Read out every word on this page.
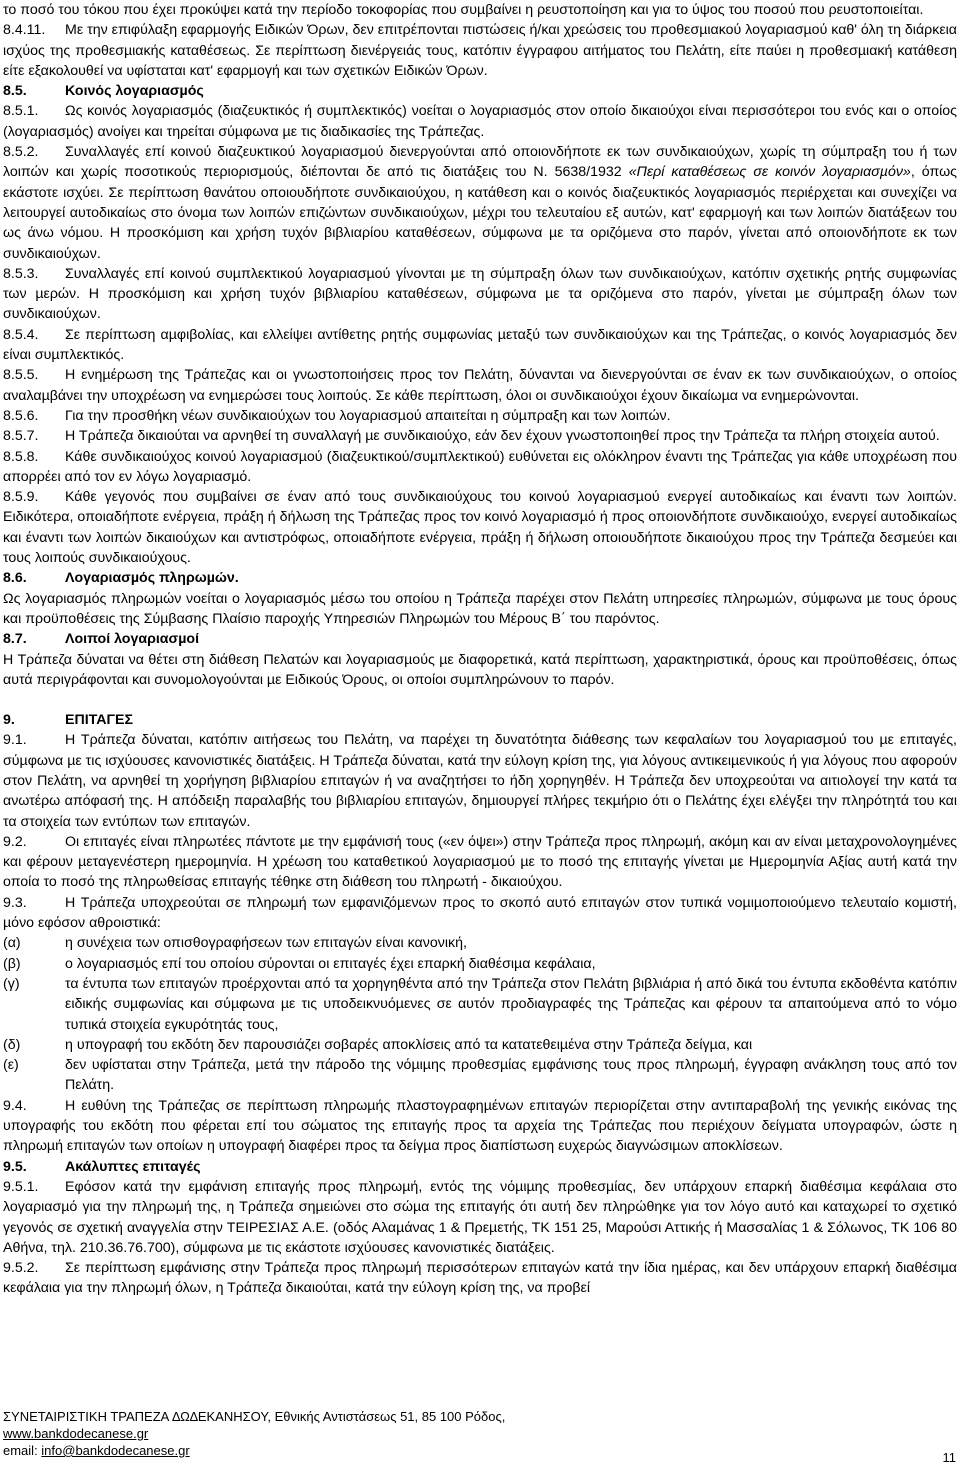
το ποσό του τόκου που έχει προκύψει κατά την περίοδο τοκοφορίας που συµβαίνει η ρευστοποίηση και για το ύψος του ποσού που ρευστοποιείται.
8.4.11. Με την επιφύλαξη εφαρµογής Ειδικών Όρων, δεν επιτρέπονται πιστώσεις ή/και χρεώσεις του προθεσµιακού λογαριασµού καθ' όλη τη διάρκεια ισχύος της προθεσµιακής καταθέσεως. Σε περίπτωση διενέργειάς τους, κατόπιν έγγραφου αιτήµατος του Πελάτη, είτε παύει η προθεσµιακή κατάθεση είτε εξακολουθεί να υφίσταται κατ' εφαρµογή και των σχετικών Ειδικών Όρων.
8.5.	Κοινός λογαριασµός
8.5.1. Ως κοινός λογαριασµός (διαζευκτικός ή συµπλεκτικός) νοείται ο λογαριασµός στον οποίο δικαιούχοι είναι περισσότεροι του ενός και ο οποίος (λογαριασµός) ανοίγει και τηρείται σύµφωνα µε τις διαδικασίες της Τράπεζας.
8.5.2. Συναλλαγές επί κοινού διαζευκτικού λογαριασµού διενεργούνται από οποιονδήποτε εκ των συνδικαιούχων, χωρίς τη σύµπραξη του ή των λοιπών και χωρίς ποσοτικούς περιορισµούς, διέπονται δε από τις διατάξεις του Ν. 5638/1932 «Περί καταθέσεως σε κοινόν λογαριασµόν», όπως εκάστοτε ισχύει. Σε περίπτωση θανάτου οποιουδήποτε συνδικαιούχου, η κατάθεση και ο κοινός διαζευκτικός λογαριασµός περιέρχεται και συνεχίζει να λειτουργεί αυτοδικαίως στο όνοµα των λοιπών επιζώντων συνδικαιούχων, µέχρι του τελευταίου εξ αυτών, κατ' εφαρµογή και των λοιπών διατάξεων του ως άνω νόµου. Η προσκόµιση και χρήση τυχόν βιβλιαρίου καταθέσεων, σύµφωνα µε τα οριζόµενα στο παρόν, γίνεται από οποιονδήποτε εκ των συνδικαιούχων.
8.5.3. Συναλλαγές επί κοινού συµπλεκτικού λογαριασµού γίνονται µε τη σύµπραξη όλων των συνδικαιούχων, κατόπιν σχετικής ρητής συµφωνίας των µερών. Η προσκόµιση και χρήση τυχόν βιβλιαρίου καταθέσεων, σύµφωνα µε τα οριζόµενα στο παρόν, γίνεται µε σύµπραξη όλων των συνδικαιούχων.
8.5.4. Σε περίπτωση αµφιβολίας, και ελλείψει αντίθετης ρητής συµφωνίας µεταξύ των συνδικαιούχων και της Τράπεζας, ο κοινός λογαριασµός δεν είναι συµπλεκτικός.
8.5.5. Η ενηµέρωση της Τράπεζας και οι γνωστοποιήσεις προς τον Πελάτη, δύνανται να διενεργούνται σε έναν εκ των συνδικαιούχων, ο οποίος αναλαµβάνει την υποχρέωση να ενηµερώσει τους λοιπούς. Σε κάθε περίπτωση, όλοι οι συνδικαιούχοι έχουν δικαίωµα να ενηµερώνονται.
8.5.6. Για την προσθήκη νέων συνδικαιούχων του λογαριασµού απαιτείται η σύµπραξη και των λοιπών.
8.5.7. Η Τράπεζα δικαιούται να αρνηθεί τη συναλλαγή µε συνδικαιούχο, εάν δεν έχουν γνωστοποιηθεί προς την Τράπεζα τα πλήρη στοιχεία αυτού.
8.5.8. Κάθε συνδικαιούχος κοινού λογαριασµού (διαζευκτικού/συµπλεκτικού) ευθύνεται εις ολόκληρον έναντι της Τράπεζας για κάθε υποχρέωση που απορρέει από τον εν λόγω λογαριασµό.
8.5.9. Κάθε γεγονός που συµβαίνει σε έναν από τους συνδικαιούχους του κοινού λογαριασµού ενεργεί αυτοδικαίως και έναντι των λοιπών. Ειδικότερα, οποιαδήποτε ενέργεια, πράξη ή δήλωση της Τράπεζας προς τον κοινό λογαριασµό ή προς οποιονδήποτε συνδικαιούχο, ενεργεί αυτοδικαίως και έναντι των λοιπών δικαιούχων και αντιστρόφως, οποιαδήποτε ενέργεια, πράξη ή δήλωση οποιουδήποτε δικαιούχου προς την Τράπεζα δεσµεύει και τους λοιπούς συνδικαιούχους.
8.6.	Λογαριασµός πληρωµών.
Ως λογαριασµός πληρωµών νοείται ο λογαριασµός µέσω του οποίου η Τράπεζα παρέχει στον Πελάτη υπηρεσίες πληρωµών, σύµφωνα µε τους όρους και προϋποθέσεις της Σύµβασης Πλαίσιο παροχής Υπηρεσιών Πληρωµών του Μέρους Β΄ του παρόντος.
8.7.	Λοιποί λογαριασµοί
Η Τράπεζα δύναται να θέτει στη διάθεση Πελατών και λογαριασµούς µε διαφορετικά, κατά περίπτωση, χαρακτηριστικά, όρους και προϋποθέσεις, όπως αυτά περιγράφονται και συνοµολογούνται µε Ειδικούς Όρους, οι οποίοι συµπληρώνουν το παρόν.
9.	ΕΠΙΤΑΓΕΣ
9.1.	Η Τράπεζα δύναται, κατόπιν αιτήσεως του Πελάτη, να παρέχει τη δυνατότητα διάθεσης των κεφαλαίων του λογαριασµού του µε επιταγές, σύµφωνα µε τις ισχύουσες κανονιστικές διατάξεις. Η Τράπεζα δύναται, κατά την εύλογη κρίση της, για λόγους αντικειµενικούς ή για λόγους που αφορούν στον Πελάτη, να αρνηθεί τη χορήγηση βιβλιαρίου επιταγών ή να αναζητήσει το ήδη χορηγηθέν. Η Τράπεζα δεν υποχρεούται να αιτιολογεί την κατά τα ανωτέρω απόφασή της. Η απόδειξη παραλαβής του βιβλιαρίου επιταγών, δηµιουργεί πλήρες τεκµήριο ότι ο Πελάτης έχει ελέγξει την πληρότητά του και τα στοιχεία των εντύπων των επιταγών.
9.2.	Οι επιταγές είναι πληρωτέες πάντοτε µε την εµφάνισή τους («εν όψει») στην Τράπεζα προς πληρωµή, ακόµη και αν είναι µεταχρονολογηµένες και φέρουν µεταγενέστερη ηµεροµηνία. Η χρέωση του καταθετικού λογαριασµού µε το ποσό της επιταγής γίνεται µε Ηµεροµηνία Αξίας αυτή κατά την οποία το ποσό της πληρωθείσας επιταγής τέθηκε στη διάθεση του πληρωτή - δικαιούχου.
9.3.	Η Τράπεζα υποχρεούται σε πληρωµή των εµφανιζόµενων προς το σκοπό αυτό επιταγών στον τυπικά νοµιµοποιούµενο τελευταίο κοµιστή, µόνο εφόσον αθροιστικά:
(α)	η συνέχεια των οπισθογραφήσεων των επιταγών είναι κανονική,
(β)	ο λογαριασµός επί του οποίου σύρονται οι επιταγές έχει επαρκή διαθέσιµα κεφάλαια,
(γ)	τα έντυπα των επιταγών προέρχονται από τα χορηγηθέντα από την Τράπεζα στον Πελάτη βιβλιάρια ή από δικά του έντυπα εκδοθέντα κατόπιν ειδικής συµφωνίας και σύµφωνα µε τις υποδεικνυόµενες σε αυτόν προδιαγραφές της Τράπεζας και φέρουν τα απαιτούµενα από το νόµο τυπικά στοιχεία εγκυρότητάς τους,
(δ)	η υπογραφή του εκδότη δεν παρουσιάζει σοβαρές αποκλίσεις από τα κατατεθειµένα στην Τράπεζα δείγµα, και
(ε)	δεν υφίσταται στην Τράπεζα, µετά την πάροδο της νόµιµης προθεσµίας εµφάνισης τους προς πληρωµή, έγγραφη ανάκληση τους από τον Πελάτη.
9.4.	Η ευθύνη της Τράπεζας σε περίπτωση πληρωµής πλαστογραφηµένων επιταγών περιορίζεται στην αντιπαραβολή της γενικής εικόνας της υπογραφής του εκδότη που φέρεται επί του σώµατος της επιταγής προς τα αρχεία της Τράπεζας που περιέχουν δείγµατα υπογραφών, ώστε η πληρωµή επιταγών των οποίων η υπογραφή διαφέρει προς τα δείγµα προς διαπίστωση ευχερώς διαγνώσιµων αποκλίσεων.
9.5.	Ακάλυπτες επιταγές
9.5.1. Εφόσον κατά την εµφάνιση επιταγής προς πληρωµή, εντός της νόµιµης προθεσµίας, δεν υπάρχουν επαρκή διαθέσιµα κεφάλαια στο λογαριασµό για την πληρωµή της, η Τράπεζα σηµειώνει στο σώµα της επιταγής ότι αυτή δεν πληρώθηκε για τον λόγο αυτό και καταχωρεί το σχετικό γεγονός σε σχετική αναγγελία στην ΤΕΙΡΕΣΙΑΣ Α.Ε. (οδός Αλαµάνας 1 & Πρεµετής, ΤΚ 151 25, Μαρούσι Αττικής ή Μασσαλίας 1 & Σόλωνος, ΤΚ 106 80 Αθήνα, τηλ. 210.36.76.700), σύµφωνα µε τις εκάστοτε ισχύουσες κανονιστικές διατάξεις.
9.5.2. Σε περίπτωση εµφάνισης στην Τράπεζα προς πληρωµή περισσότερων επιταγών κατά την ίδια ηµέρας, και δεν υπάρχουν επαρκή διαθέσιµα κεφάλαια για την πληρωµή όλων, η Τράπεζα δικαιούται, κατά την εύλογη κρίση της, να προβεί
ΣΥΝΕΤΑΙΡΙΣΤΙΚΗ ΤΡΑΠΕΖΑ ∆Ω∆ΕΚΑΝΗΣΟΥ, Εθνικής Αντιστάσεως 51, 85 100 Ρόδος,
www.bankdodecanese.gr
email: info@bankdodecanese.gr	11
